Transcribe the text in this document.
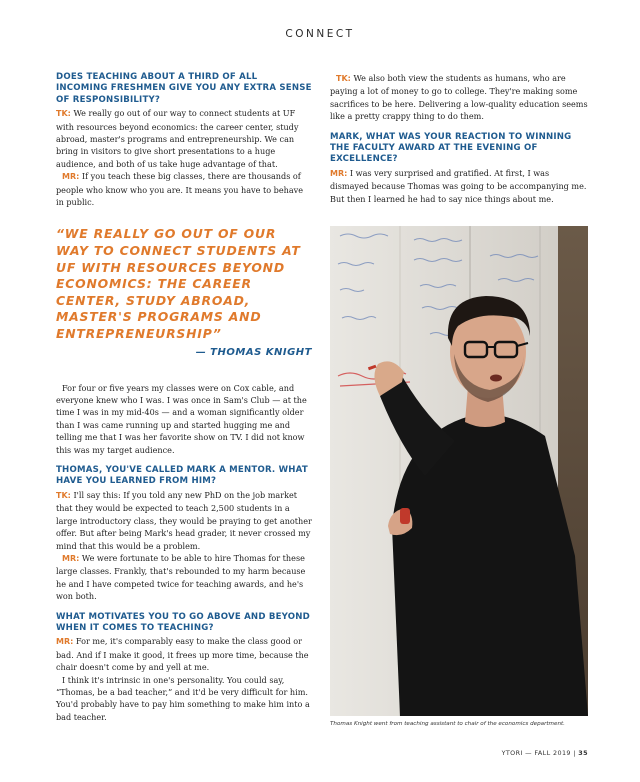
CONNECT

DOES TEACHING ABOUT A THIRD OF ALL INCOMING FRESHMEN GIVE YOU ANY EXTRA SENSE OF RESPONSIBILITY?

TK: We really go out of our way to connect students at UF with resources beyond economics: the career center, study abroad, master's programs and entrepreneurship. We can bring in visitors to give short presentations to a huge audience, and both of us take huge advantage of that.

MR: If you teach these big classes, there are thousands of people who know who you are. It means you have to behave in public.

“WE REALLY GO OUT OF OUR WAY TO CONNECT STUDENTS AT UF WITH RESOURCES BEYOND ECONOMICS: THE CAREER CENTER, STUDY ABROAD, MASTER'S PROGRAMS AND ENTREPRENEURSHIP”

— THOMAS KNIGHT

For four or five years my classes were on Cox cable, and everyone knew who I was. I was once in Sam's Club — at the time I was in my mid-40s — and a woman significantly older than I was came running up and started hugging me and telling me that I was her favorite show on TV. I did not know this was my target audience.

THOMAS, YOU'VE CALLED MARK A MENTOR. WHAT HAVE YOU LEARNED FROM HIM?

TK: I'll say this: If you told any new PhD on the job market that they would be expected to teach 2,500 students in a large introductory class, they would be praying to get another offer. But after being Mark's head grader, it never crossed my mind that this would be a problem.

MR: We were fortunate to be able to hire Thomas for these large classes. Frankly, that's rebounded to my harm because he and I have competed twice for teaching awards, and he's won both.

WHAT MOTIVATES YOU TO GO ABOVE AND BEYOND WHEN IT COMES TO TEACHING?

MR: For me, it's comparably easy to make the class good or bad. And if I make it good, it frees up more time, because the chair doesn't come by and yell at me.

I think it's intrinsic in one's personality. You could say, “Thomas, be a bad teacher,” and it'd be very difficult for him. You'd probably have to pay him something to make him into a bad teacher.

TK: We also both view the students as humans, who are paying a lot of money to go to college. They're making some sacrifices to be here. Delivering a low-quality education seems like a pretty crappy thing to do them.

MARK, WHAT WAS YOUR REACTION TO WINNING THE FACULTY AWARD AT THE EVENING OF EXCELLENCE?

MR: I was very surprised and gratified. At first, I was dismayed because Thomas was going to be accompanying me. But then I learned he had to say nice things about me.

Thomas Knight went from teaching assistant to chair of the economics department.
YTORI — FALL 2019 | 35
